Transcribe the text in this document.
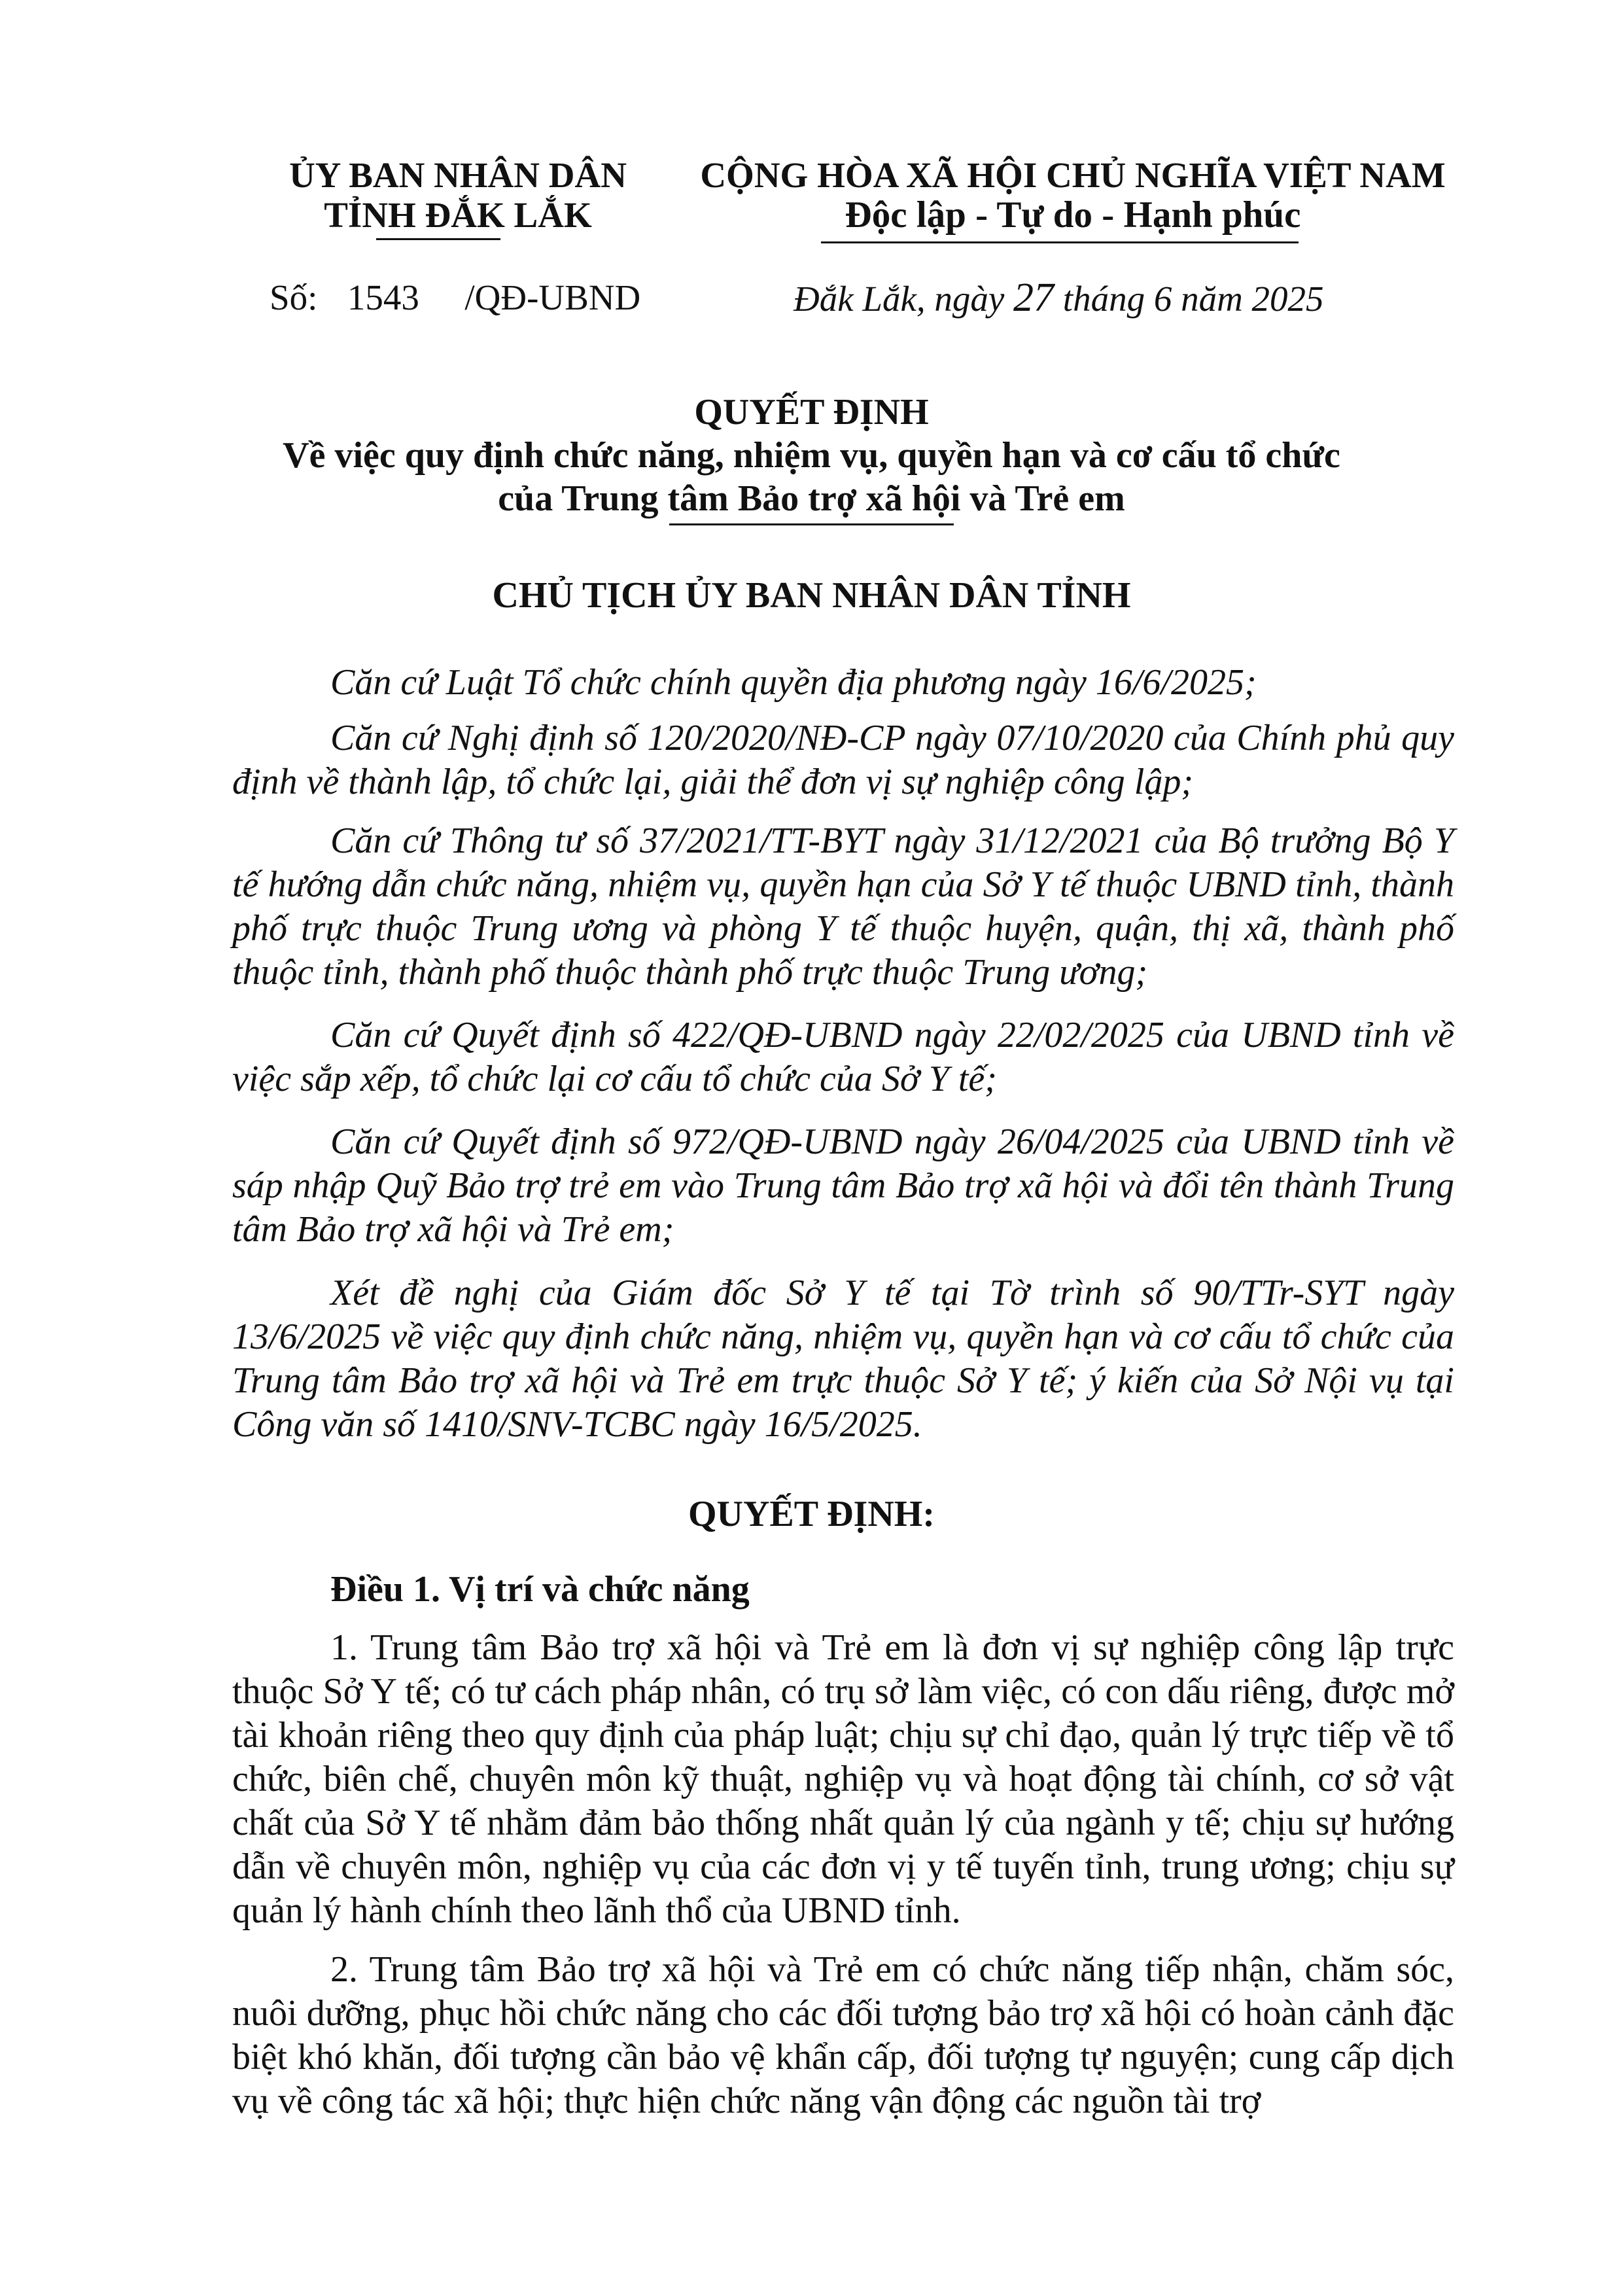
ỦY BAN NHÂN DÂN
TỈNH ĐẮK LẮK
CỘNG HÒA XÃ HỘI CHỦ NGHĨA VIỆT NAM
Độc lập - Tự do - Hạnh phúc
Số: 1543 /QĐ-UBND	Đắk Lắk, ngày 27 tháng 6 năm 2025
QUYẾT ĐỊNH
Về việc quy định chức năng, nhiệm vụ, quyền hạn và cơ cấu tổ chức
của Trung tâm Bảo trợ xã hội và Trẻ em
CHỦ TỊCH ỦY BAN NHÂN DÂN TỈNH

Căn cứ Luật Tổ chức chính quyền địa phương ngày 16/6/2025;

Căn cứ Nghị định số 120/2020/NĐ-CP ngày 07/10/2020 của Chính phủ quy định về thành lập, tổ chức lại, giải thể đơn vị sự nghiệp công lập;

Căn cứ Thông tư số 37/2021/TT-BYT ngày 31/12/2021 của Bộ trưởng Bộ Y tế hướng dẫn chức năng, nhiệm vụ, quyền hạn của Sở Y tế thuộc UBND tỉnh, thành phố trực thuộc Trung ương và phòng Y tế thuộc huyện, quận, thị xã, thành phố thuộc tỉnh, thành phố thuộc thành phố trực thuộc Trung ương;

Căn cứ Quyết định số 422/QĐ-UBND ngày 22/02/2025 của UBND tỉnh về việc sắp xếp, tổ chức lại cơ cấu tổ chức của Sở Y tế;

Căn cứ Quyết định số 972/QĐ-UBND ngày 26/04/2025 của UBND tỉnh về sáp nhập Quỹ Bảo trợ trẻ em vào Trung tâm Bảo trợ xã hội và đổi tên thành Trung tâm Bảo trợ xã hội và Trẻ em;

Xét đề nghị của Giám đốc Sở Y tế tại Tờ trình số 90/TTr-SYT ngày 13/6/2025 về việc quy định chức năng, nhiệm vụ, quyền hạn và cơ cấu tổ chức của Trung tâm Bảo trợ xã hội và Trẻ em trực thuộc Sở Y tế; ý kiến của Sở Nội vụ tại Công văn số 1410/SNV-TCBC ngày 16/5/2025.

QUYẾT ĐỊNH:
Điều 1. Vị trí và chức năng

1. Trung tâm Bảo trợ xã hội và Trẻ em là đơn vị sự nghiệp công lập trực thuộc Sở Y tế; có tư cách pháp nhân, có trụ sở làm việc, có con dấu riêng, được mở tài khoản riêng theo quy định của pháp luật; chịu sự chỉ đạo, quản lý trực tiếp về tổ chức, biên chế, chuyên môn kỹ thuật, nghiệp vụ và hoạt động tài chính, cơ sở vật chất của Sở Y tế nhằm đảm bảo thống nhất quản lý của ngành y tế; chịu sự hướng dẫn về chuyên môn, nghiệp vụ của các đơn vị y tế tuyến tỉnh, trung ương; chịu sự quản lý hành chính theo lãnh thổ của UBND tỉnh.

2. Trung tâm Bảo trợ xã hội và Trẻ em có chức năng tiếp nhận, chăm sóc, nuôi dưỡng, phục hồi chức năng cho các đối tượng bảo trợ xã hội có hoàn cảnh đặc biệt khó khăn, đối tượng cần bảo vệ khẩn cấp, đối tượng tự nguyện; cung cấp dịch vụ về công tác xã hội; thực hiện chức năng vận động các nguồn tài trợ
